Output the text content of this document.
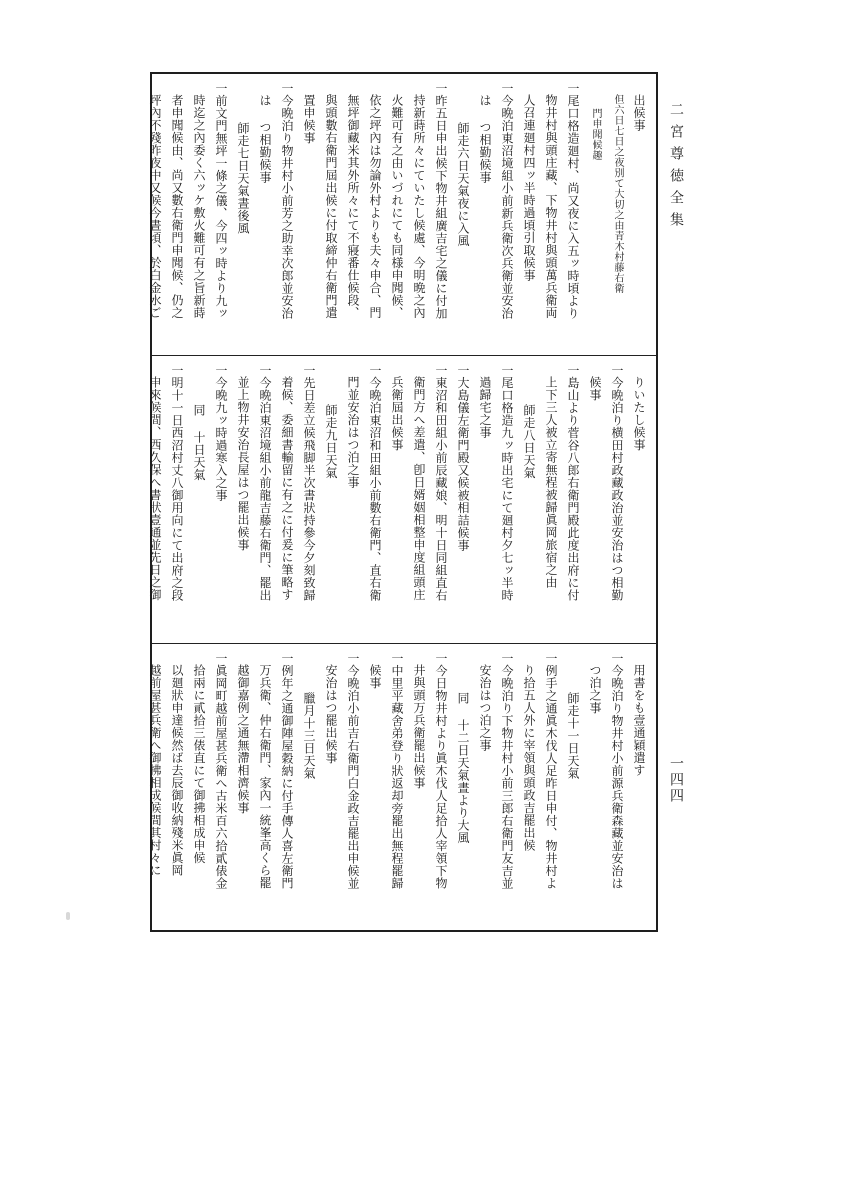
二宮尊徳全集
出候事
但六日七日之夜別て大切之由青木村藤右衛
門申聞候趣
一尾口格造廻村、尚又夜に入五ッ時頃より
物井村與頭庄藏、下物井村與頭萬兵衛両
人召連廻村四ッ半時過頃引取候事
一今晩泊東沼境組小前新兵衛次兵衛並安治
は つ相勤候事
師走六日天氣夜に入風
一昨五日申出候下物井組廣吉宅之儀に付加
持新蒔所々にていたし候處、今明晩之內
火難可有之由いづれにても同様申聞候、
依之坪內は勿論外村よりも夫々申合、門
無坪御藏米其外所々にて不寢番仕候段、
與頭數右衛門屆出候に付取締仲右衛門遣
置申候事
一今晩泊り物井村小前芳之助幸次郎並安治
は つ相勤候事
師走七日天氣晝後風
一前文門無坪一條之儀、今四ッ時より九ッ
時迄之內委く六ッケ敷火難可有之旨新蒔
者申聞候由、尚又數右衛門申聞候、仍之
坪內不殘昨夜中又候今晝頃、於白金水ご
りいたし候事
一今晩泊り横田村政藏政治並安治はつ相勤
候事
一島山より菅谷八郎右衛門殿此度出府に付
上下三人被立寄無程被歸眞岡旅宿之由
師走八日天氣
一尾口格造九ッ時出宅にて廻村夕七ッ半時
過歸宅之事
一大島儀左衛門殿又候被相詰候事
一東沼和田組小前辰藏娘、明十日同組直右
衛門方へ差遣、卽日婿姻相整申度組頭庄
兵衛屆出候事
一今晩泊東沼和田組小前數右衛門、直右衛
門並安治はつ泊之事
師走九日天氣
一先日差立候飛脚半次書狀持參今夕刻致歸
着候、委細書輸留に有之に付爰に筆略す
一今晩泊東沼境組小前龍吉藤右衛門、罷出
並上物井安治長屋はつ罷出候事
一今晩九ッ時過寒入之事
同 十日天氣
一明十一日西沼村丈八御用向にて出府之段
申來候間、西久保へ書狀壹通並先日之御
用書をも壹通穎遣す
一今晩泊り物井村小前源兵衛森藏並安治は
つ泊之事
師走十一日天氣
一例手之通眞木伐人足昨日申付、物井村よ
り拾五人外に宰領與頭政吉罷出候
一今晩泊り下物井村小前三郎右衛門友吉並
安治はつ泊之事
同 十二日天氣晝より大風
一今日物井村より眞木伐人足拾人宰領下物
井與頭万兵衛罷出候事
一中里平藏舍弟登り狀返却旁罷出無程罷歸
候事
一今晩泊小前吉右衛門白金政吉罷出申候並
安治はつ罷出候事
臘月十三日天氣
一例年之通御陣屋穀納に付手傳人喜左衛門
万兵衛、仲右衛門、家內一統峯高くら罷
越御嘉例之通無滯相濟候事
一眞岡町越前屋甚兵衛へ古米百六拾貳俵金
拾兩に貳拾三俵直にて御拂相成申候
以廻狀申達候然ば去辰御收納殘米眞岡
越前屋甚兵衛へ御拂相成候間其村々に	一四四
